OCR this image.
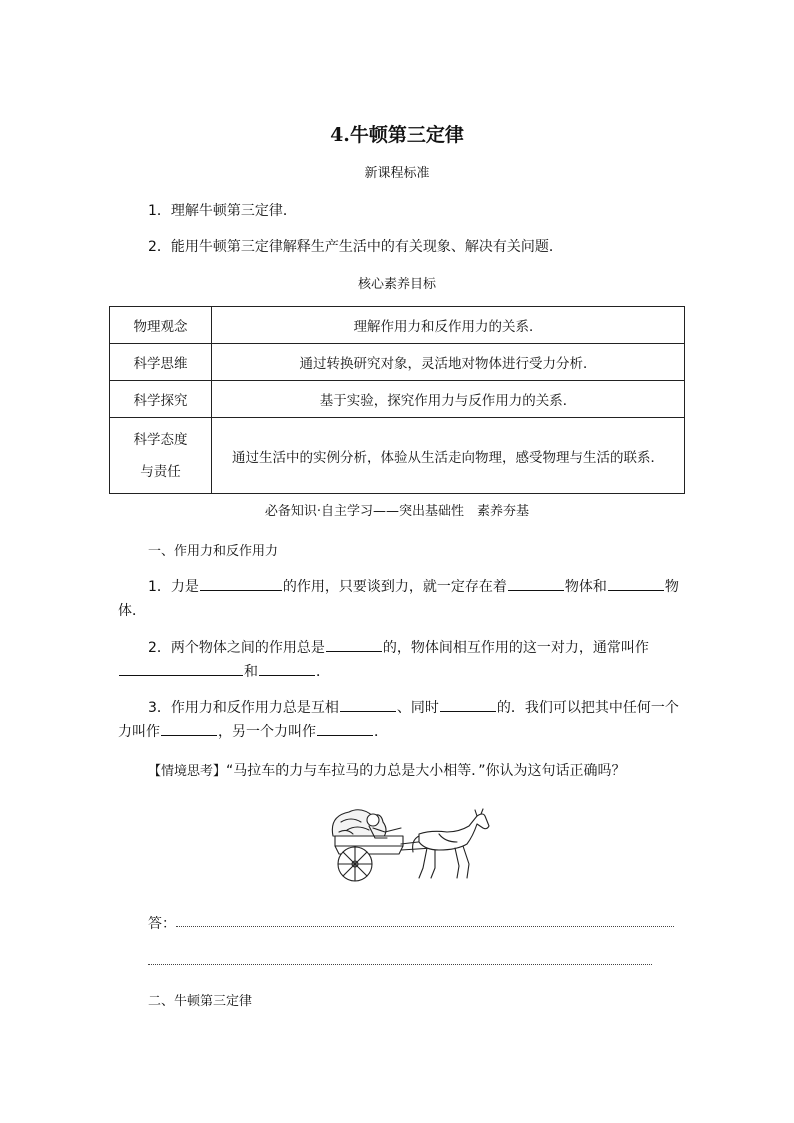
4.牛顿第三定律
新课程标准
1．理解牛顿第三定律．
2．能用牛顿第三定律解释生产生活中的有关现象、解决有关问题．
核心素养目标
物理观念	理解作用力和反作用力的关系．
科学思维	通过转换研究对象，灵活地对物体进行受力分析．
科学探究	基于实验，探究作用力与反作用力的关系．

科学态度
与责任	通过生活中的实例分析，体验从生活走向物理，感受物理与生活的联系．
必备知识·自主学习——突出基础性　素养夯基
一、作用力和反作用力
1．力是	的作用，只要谈到力，就一定存在着	物体和	物
体．
2．两个物体之间的作用总是	的，物体间相互作用的这一对力，通常叫作
和	．
3．作用力和反作用力总是互相	、同时	的．我们可以把其中任何一个
力叫作	，另一个力叫作	．
【情境思考】“马拉车的力与车拉马的力总是大小相等．”你认为这句话正确吗？
答：
二、牛顿第三定律
